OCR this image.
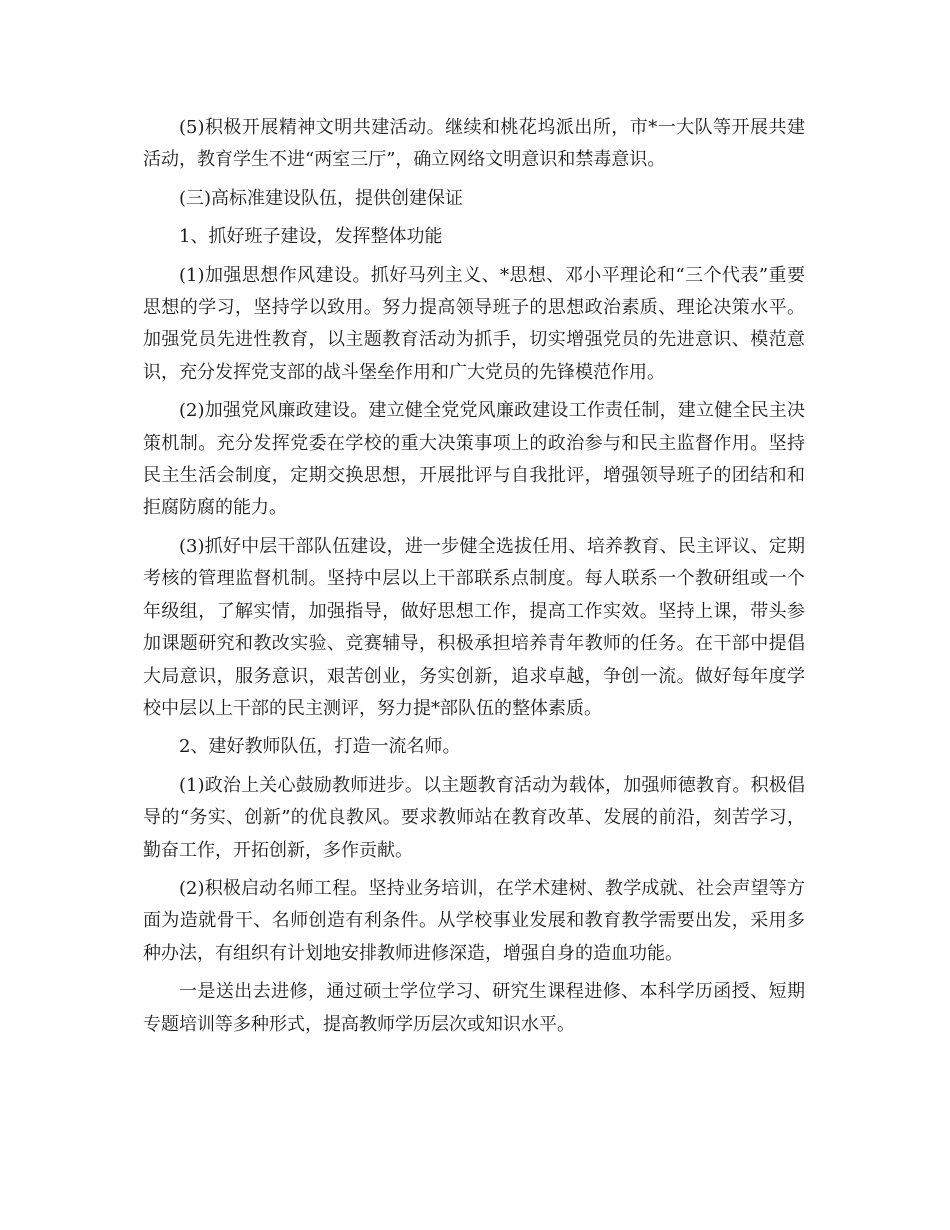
(5)积极开展精神文明共建活动。继续和桃花坞派出所，市*一大队等开展共建活动，教育学生不进“两室三厅”，确立网络文明意识和禁毒意识。

(三)高标准建设队伍，提供创建保证

1、抓好班子建设，发挥整体功能

(1)加强思想作风建设。抓好马列主义、*思想、邓小平理论和“三个代表”重要思想的学习，坚持学以致用。努力提高领导班子的思想政治素质、理论决策水平。加强党员先进性教育，以主题教育活动为抓手，切实增强党员的先进意识、模范意识，充分发挥党支部的战斗堡垒作用和广大党员的先锋模范作用。

(2)加强党风廉政建设。建立健全党党风廉政建设工作责任制，建立健全民主决策机制。充分发挥党委在学校的重大决策事项上的政治参与和民主监督作用。坚持民主生活会制度，定期交换思想，开展批评与自我批评，增强领导班子的团结和和拒腐防腐的能力。

(3)抓好中层干部队伍建设，进一步健全选拔任用、培养教育、民主评议、定期考核的管理监督机制。坚持中层以上干部联系点制度。每人联系一个教研组或一个年级组，了解实情，加强指导，做好思想工作，提高工作实效。坚持上课，带头参加课题研究和教改实验、竞赛辅导，积极承担培养青年教师的任务。在干部中提倡大局意识，服务意识，艰苦创业，务实创新，追求卓越，争创一流。做好每年度学校中层以上干部的民主测评，努力提*部队伍的整体素质。

2、建好教师队伍，打造一流名师。

(1)政治上关心鼓励教师进步。以主题教育活动为载体，加强师德教育。积极倡导的“务实、创新”的优良教风。要求教师站在教育改革、发展的前沿，刻苦学习，勤奋工作，开拓创新，多作贡献。

(2)积极启动名师工程。坚持业务培训，在学术建树、教学成就、社会声望等方面为造就骨干、名师创造有利条件。从学校事业发展和教育教学需要出发，采用多种办法，有组织有计划地安排教师进修深造，增强自身的造血功能。

一是送出去进修，通过硕士学位学习、研究生课程进修、本科学历函授、短期专题培训等多种形式，提高教师学历层次或知识水平。
